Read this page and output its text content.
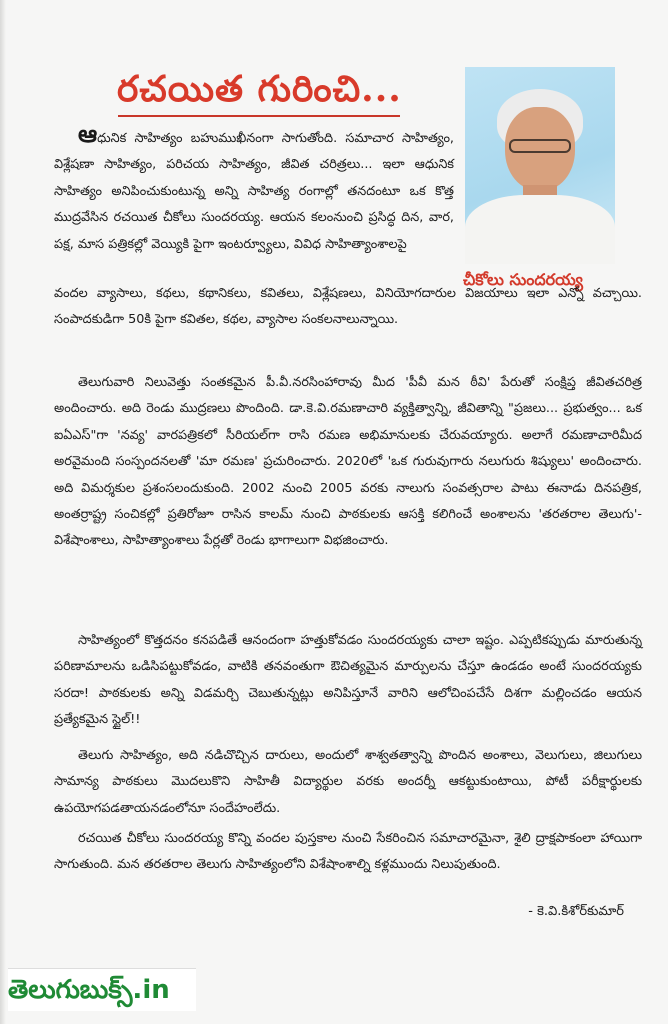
రచయిత గురించి...
చీకోలు సుందరయ్య
ఆధునిక సాహిత్యం బహుముఖీనంగా సాగుతోంది. సమాచార సాహిత్యం, విశ్లేషణా సాహిత్యం, పరిచయ సాహిత్యం, జీవిత చరిత్రలు... ఇలా ఆధునిక సాహిత్యం అనిపించుకుంటున్న అన్ని సాహిత్య రంగాల్లో తనదంటూ ఒక కొత్త ముద్రవేసిన రచయిత చీకోలు సుందరయ్య. ఆయన కలంనుంచి ప్రసిద్ధ దిన, వార, పక్ష, మాస పత్రికల్లో వెయ్యికి పైగా ఇంటర్వ్యూలు, వివిధ సాహిత్యాంశాలపై
వందల వ్యాసాలు, కథలు, కథానికలు, కవితలు, విశ్లేషణలు, వినియోగదారుల విజయాలు ఇలా ఎన్నో వచ్చాయి. సంపాదకుడిగా 50కి పైగా కవితల, కథల, వ్యాసాల సంకలనాలున్నాయి.
తెలుగువారి నిలువెత్తు సంతకమైన పీ.వీ.నరసింహారావు మీద 'పీవీ మన ఠీవి' పేరుతో సంక్షిప్త జీవితచరిత్ర అందించారు. అది రెండు ముద్రణలు పొందింది. డా.కె.వి.రమణాచారి వ్యక్తిత్వాన్ని, జీవితాన్ని "ప్రజలు... ప్రభుత్వం... ఒక ఐఏఎస్"గా 'నవ్య' వారపత్రికలో సీరియల్‌గా రాసి రమణ అభిమానులకు చేరువయ్యారు. అలాగే రమణాచారిమీద అరవైమంది సంస్పందనలతో 'మా రమణ' ప్రచురించారు. 2020లో 'ఒక గురువుగారు నలుగురు శిష్యులు' అందించారు. అది విమర్శకుల ప్రశంసలందుకుంది. 2002 నుంచి 2005 వరకు నాలుగు సంవత్సరాల పాటు ఈనాడు దినపత్రిక, అంతర్రాష్ట్ర సంచికల్లో ప్రతిరోజూ రాసిన కాలమ్ నుంచి పాఠకులకు ఆసక్తి కలిగించే అంశాలను 'తరతరాల తెలుగు'-విశేషాంశాలు, సాహిత్యాంశాలు పేర్లతో రెండు భాగాలుగా విభజించారు.
సాహిత్యంలో కొత్తదనం కనపడితే ఆనందంగా హత్తుకోవడం సుందరయ్యకు చాలా ఇష్టం. ఎప్పటికప్పుడు మారుతున్న పరిణామాలను ఒడిసిపట్టుకోవడం, వాటికి తనవంతుగా ఔచిత్యమైన మార్పులను చేస్తూ ఉండడం అంటే సుందరయ్యకు సరదా! పాఠకులకు అన్ని విడమర్చి చెబుతున్నట్లు అనిపిస్తూనే వారిని ఆలోచింపచేసే దిశగా మల్లించడం ఆయన ప్రత్యేకమైన స్టైల్!!
తెలుగు సాహిత్యం, అది నడిచొచ్చిన దారులు, అందులో శాశ్వతత్వాన్ని పొందిన అంశాలు, వెలుగులు, జిలుగులు సామాన్య పాఠకులు మొదలుకొని సాహితీ విద్యార్థుల వరకు అందర్నీ ఆకట్టుకుంటాయి, పోటీ పరీక్షార్థులకు ఉపయోగపడతాయనడంలోనూ సందేహంలేదు.
రచయిత చీకోలు సుందరయ్య కొన్ని వందల పుస్తకాల నుంచి సేకరించిన సమాచారమైనా, శైలి ద్రాక్షపాకంలా హాయిగా సాగుతుంది. మన తరతరాల తెలుగు సాహిత్యంలోని విశేషాంశాల్ని కళ్లముందు నిలుపుతుంది.
- కె.వి.కిశోర్‌కుమార్
తెలుగుబుక్స్.in
